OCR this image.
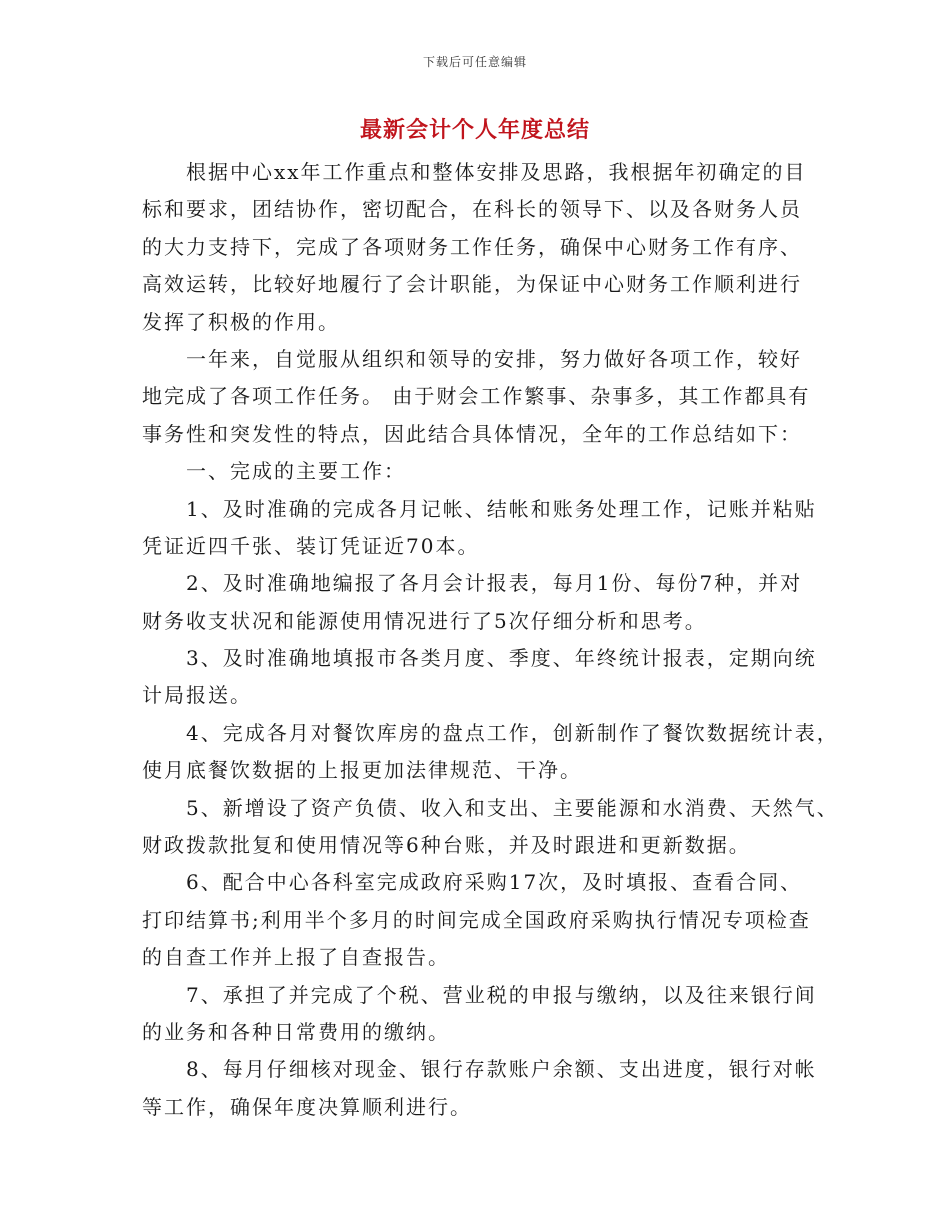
下载后可任意编辑
最新会计个人年度总结
根据中心xx年工作重点和整体安排及思路，我根据年初确定的目
标和要求，团结协作，密切配合，在科长的领导下、以及各财务人员
的大力支持下，完成了各项财务工作任务，确保中心财务工作有序、
高效运转，比较好地履行了会计职能，为保证中心财务工作顺利进行
发挥了积极的作用。
一年来，自觉服从组织和领导的安排，努力做好各项工作，较好
地完成了各项工作任务。 由于财会工作繁事、杂事多，其工作都具有
事务性和突发性的特点，因此结合具体情况，全年的工作总结如下：
一、完成的主要工作：
1、及时准确的完成各月记帐、结帐和账务处理工作，记账并粘贴
凭证近四千张、装订凭证近70本。
2、及时准确地编报了各月会计报表，每月1份、每份7种，并对
财务收支状况和能源使用情况进行了5次仔细分析和思考。
3、及时准确地填报市各类月度、季度、年终统计报表，定期向统
计局报送。
4、完成各月对餐饮库房的盘点工作，创新制作了餐饮数据统计表，
使月底餐饮数据的上报更加法律规范、干净。
5、新增设了资产负债、收入和支出、主要能源和水消费、天然气、
财政拨款批复和使用情况等6种台账，并及时跟进和更新数据。
6、配合中心各科室完成政府采购17次，及时填报、查看合同、
打印结算书;利用半个多月的时间完成全国政府采购执行情况专项检查
的自查工作并上报了自查报告。
7、承担了并完成了个税、营业税的申报与缴纳，以及往来银行间
的业务和各种日常费用的缴纳。
8、每月仔细核对现金、银行存款账户余额、支出进度，银行对帐
等工作，确保年度决算顺利进行。
